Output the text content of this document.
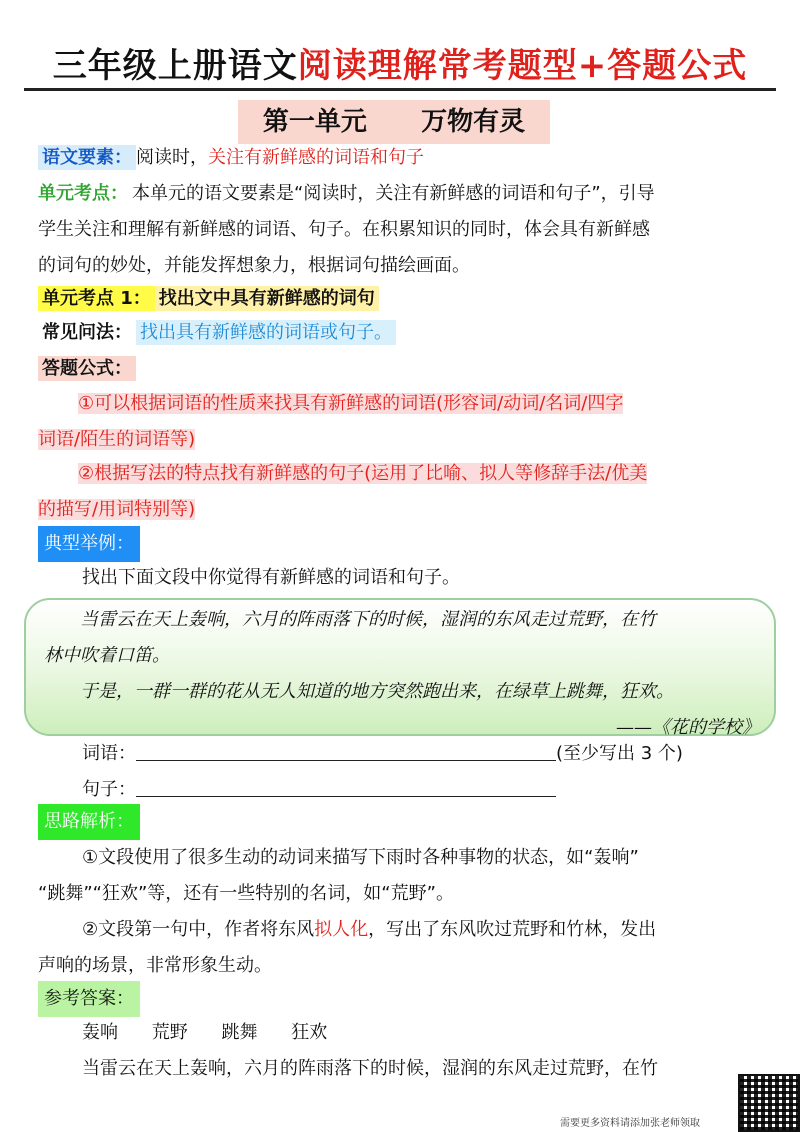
三年级上册语文阅读理解常考题型+答题公式
第一单元      万物有灵
语文要素： 阅读时，关注有新鲜感的词语和句子
单元考点： 本单元的语文要素是“阅读时，关注有新鲜感的词语和句子”，引导
学生关注和理解有新鲜感的词语、句子。在积累知识的同时，体会具有新鲜感
的词句的妙处，并能发挥想象力，根据词句描绘画面。
单元考点 1： 找出文中具有新鲜感的词句
常见问法： 找出具有新鲜感的词语或句子。
答题公式：
①可以根据词语的性质来找具有新鲜感的词语(形容词/动词/名词/四字
词语/陌生的词语等)
②根据写法的特点找有新鲜感的句子(运用了比喻、拟人等修辞手法/优美
的描写/用词特别等)
典型举例：
找出下面文段中你觉得有新鲜感的词语和句子。

当雷云在天上轰响，六月的阵雨落下的时候，湿润的东风走过荒野，在竹

林中吹着口笛。

于是，一群一群的花从无人知道的地方突然跑出来，在绿草上跳舞，狂欢。

——《花的学校》
词语：	(至少写出 3 个)
句子：
思路解析：
①文段使用了很多生动的动词来描写下雨时各种事物的状态，如“轰响”
“跳舞”“狂欢”等，还有一些特别的名词，如“荒野”。
②文段第一句中，作者将东风拟人化，写出了东风吹过荒野和竹林，发出
声响的场景，非常形象生动。
参考答案：
轰响 荒野 跳舞 狂欢
当雷云在天上轰响，六月的阵雨落下的时候，湿润的东风走过荒野，在竹
需要更多资料请添加张老师领取
